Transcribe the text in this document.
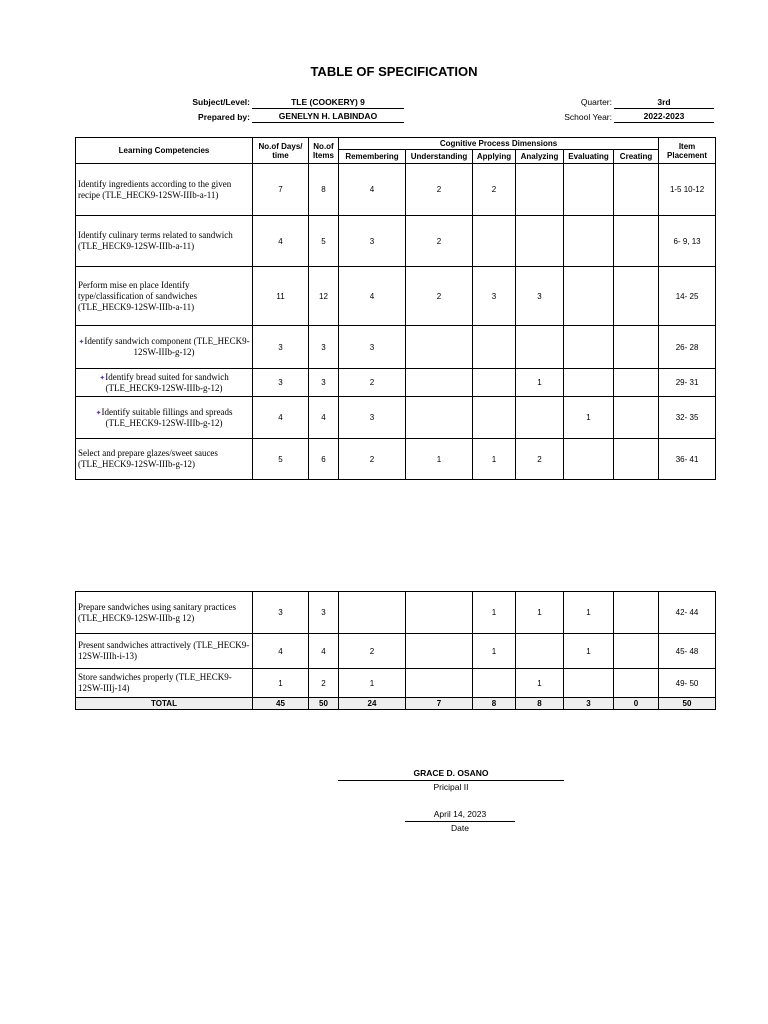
TABLE OF SPECIFICATION
Subject/Level:	TLE (COOKERY) 9
Prepared by:	GENELYN H. LABINDAO
Quarter:	3rd
School Year:	2022-2023
Learning Competencies	No.of Days/ time	No.of Items	Cognitive Process Dimensions						Item Placement
			Remembering	Understanding	Applying	Analyzing	Evaluating	Creating	
Identify ingredients according to the given recipe (TLE_HECK9-12SW-IIIb-a-11)	7	8	4	2	2				1-5 10-12
Identify culinary terms related to sandwich (TLE_HECK9-12SW-IIIb-a-11)	4	5	3	2					6- 9, 13
Perform mise en place Identify type/classification of sandwiches (TLE_HECK9-12SW-IIIb-a-11)	11	12	4	2	3	3			14- 25
✦Identify sandwich component (TLE_HECK9-12SW-IIIb-g-12)	3	3	3						26- 28
✦Identify bread suited for sandwich (TLE_HECK9-12SW-IIIb-g-12)	3	3	2			1			29- 31
✦Identify suitable fillings and spreads (TLE_HECK9-12SW-IIIb-g-12)	4	4	3				1		32- 35
Select and prepare glazes/sweet sauces (TLE_HECK9-12SW-IIIb-g-12)	5	6	2	1	1	2			36- 41
Prepare sandwiches using sanitary practices (TLE_HECK9-12SW-IIIb-g 12)	3	3			1	1	1		42- 44
Present sandwiches attractively (TLE_HECK9-12SW-IIIh-i-13)	4	4	2		1		1		45- 48
Store sandwiches properly (TLE_HECK9-12SW-IIIj-14)	1	2	1			1			49- 50
TOTAL	45	50	24	7	8	8	3	0	50
GRACE D. OSANO
Pricipal II
April 14, 2023
Date
